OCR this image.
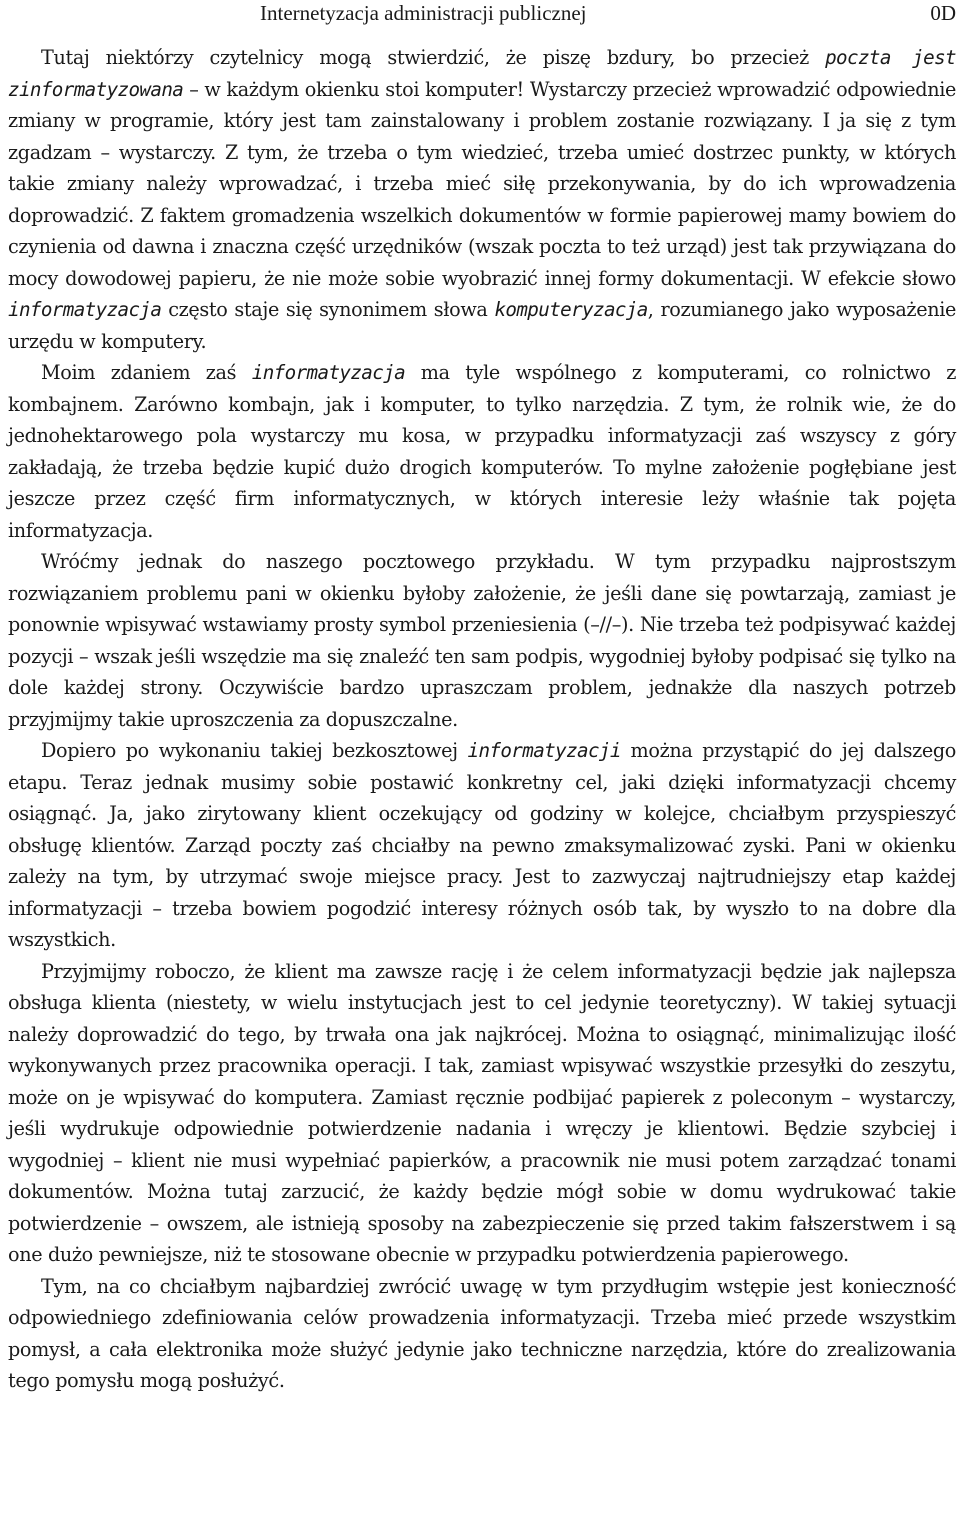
Internetyzacja administracji publicznej	0D

Tutaj niektórzy czytelnicy mogą stwierdzić, że piszę bzdury, bo przecież poczta jest zinformatyzowana – w każdym okienku stoi komputer! Wystarczy przecież wprowadzić odpowiednie zmiany w programie, który jest tam zainstalowany i problem zostanie rozwiązany. I ja się z tym zgadzam – wystarczy. Z tym, że trzeba o tym wiedzieć, trzeba umieć dostrzec punkty, w których takie zmiany należy wprowadzać, i trzeba mieć siłę przekonywania, by do ich wprowadzenia doprowadzić. Z faktem gromadzenia wszelkich dokumentów w formie papierowej mamy bowiem do czynienia od dawna i znaczna część urzędników (wszak poczta to też urząd) jest tak przywiązana do mocy dowodowej papieru, że nie może sobie wyobrazić innej formy dokumentacji. W efekcie słowo informatyzacja często staje się synonimem słowa komputeryzacja, rozumianego jako wyposażenie urzędu w komputery.

Moim zdaniem zaś informatyzacja ma tyle wspólnego z komputerami, co rolnictwo z kombajnem. Zarówno kombajn, jak i komputer, to tylko narzędzia. Z tym, że rolnik wie, że do jednohektarowego pola wystarczy mu kosa, w przypadku informatyzacji zaś wszyscy z góry zakładają, że trzeba będzie kupić dużo drogich komputerów. To mylne założenie pogłębiane jest jeszcze przez część firm informatycznych, w których interesie leży właśnie tak pojęta informatyzacja.

Wróćmy jednak do naszego pocztowego przykładu. W tym przypadku najprostszym rozwiązaniem problemu pani w okienku byłoby założenie, że jeśli dane się powtarzają, zamiast je ponownie wpisywać wstawiamy prosty symbol przeniesienia (–//–). Nie trzeba też podpisywać każdej pozycji – wszak jeśli wszędzie ma się znaleźć ten sam podpis, wygodniej byłoby podpisać się tylko na dole każdej strony. Oczywiście bardzo upraszczam problem, jednakże dla naszych potrzeb przyjmijmy takie uproszczenia za dopuszczalne.

Dopiero po wykonaniu takiej bezkosztowej informatyzacji można przystąpić do jej dalszego etapu. Teraz jednak musimy sobie postawić konkretny cel, jaki dzięki informatyzacji chcemy osiągnąć. Ja, jako zirytowany klient oczekujący od godziny w kolejce, chciałbym przyspieszyć obsługę klientów. Zarząd poczty zaś chciałby na pewno zmaksymalizować zyski. Pani w okienku zależy na tym, by utrzymać swoje miejsce pracy. Jest to zazwyczaj najtrudniejszy etap każdej informatyzacji – trzeba bowiem pogodzić interesy różnych osób tak, by wyszło to na dobre dla wszystkich.

Przyjmijmy roboczo, że klient ma zawsze rację i że celem informatyzacji będzie jak najlepsza obsługa klienta (niestety, w wielu instytucjach jest to cel jedynie teoretyczny). W takiej sytuacji należy doprowadzić do tego, by trwała ona jak najkrócej. Można to osiągnąć, minimalizując ilość wykonywanych przez pracownika operacji. I tak, zamiast wpisywać wszystkie przesyłki do zeszytu, może on je wpisywać do komputera. Zamiast ręcznie podbijać papierek z poleconym – wystarczy, jeśli wydrukuje odpowiednie potwierdzenie nadania i wręczy je klientowi. Będzie szybciej i wygodniej – klient nie musi wypełniać papierków, a pracownik nie musi potem zarządzać tonami dokumentów. Można tutaj zarzucić, że każdy będzie mógł sobie w domu wydrukować takie potwierdzenie – owszem, ale istnieją sposoby na zabezpieczenie się przed takim fałszerstwem i są one dużo pewniejsze, niż te stosowane obecnie w przypadku potwierdzenia papierowego.

Tym, na co chciałbym najbardziej zwrócić uwagę w tym przydługim wstępie jest konieczność odpowiedniego zdefiniowania celów prowadzenia informatyzacji. Trzeba mieć przede wszystkim pomysł, a cała elektronika może służyć jedynie jako techniczne narzędzia, które do zrealizowania tego pomysłu mogą posłużyć.
